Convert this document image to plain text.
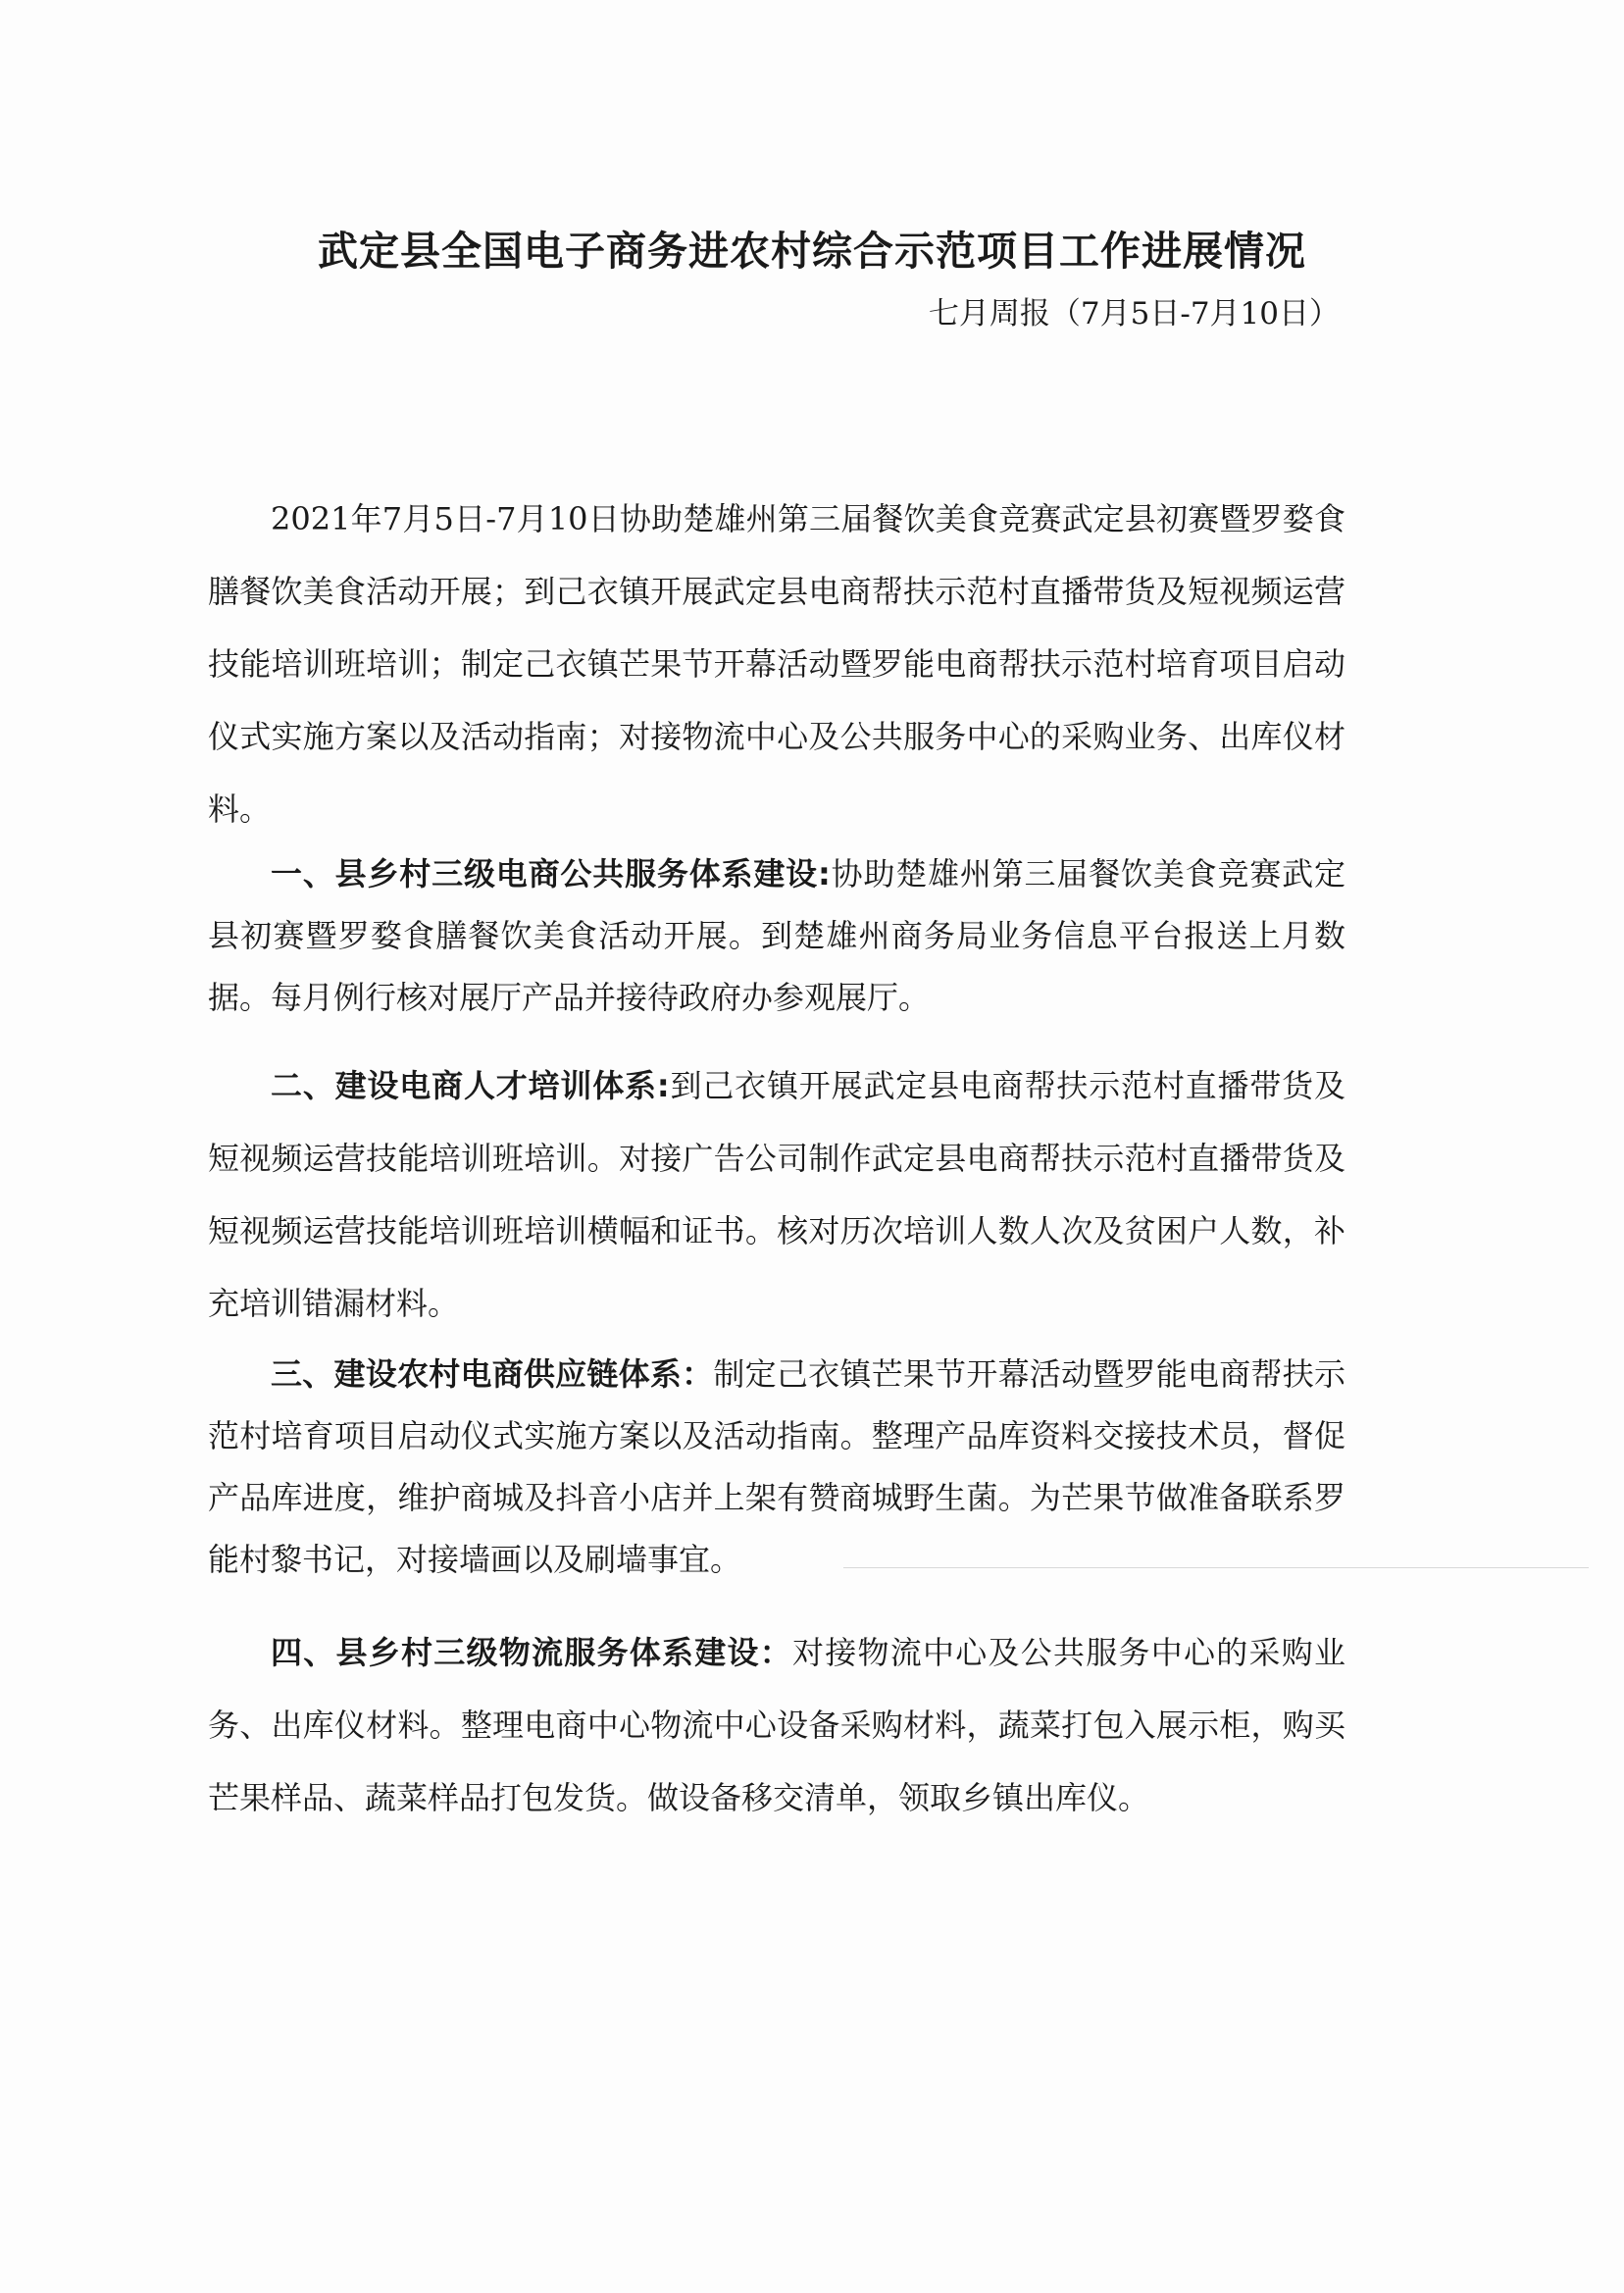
武定县全国电子商务进农村综合示范项目工作进展情况

七月周报（7月5日-7月10日）

2021年7月5日-7月10日协助楚雄州第三届餐饮美食竞赛武定县初赛暨罗婺食膳餐饮美食活动开展；到己衣镇开展武定县电商帮扶示范村直播带货及短视频运营技能培训班培训；制定己衣镇芒果节开幕活动暨罗能电商帮扶示范村培育项目启动仪式实施方案以及活动指南；对接物流中心及公共服务中心的采购业务、出库仪材料。

一、县乡村三级电商公共服务体系建设:协助楚雄州第三届餐饮美食竞赛武定县初赛暨罗婺食膳餐饮美食活动开展。到楚雄州商务局业务信息平台报送上月数据。每月例行核对展厅产品并接待政府办参观展厅。

二、建设电商人才培训体系:到己衣镇开展武定县电商帮扶示范村直播带货及短视频运营技能培训班培训。对接广告公司制作武定县电商帮扶示范村直播带货及短视频运营技能培训班培训横幅和证书。核对历次培训人数人次及贫困户人数，补充培训错漏材料。

三、建设农村电商供应链体系：制定己衣镇芒果节开幕活动暨罗能电商帮扶示范村培育项目启动仪式实施方案以及活动指南。整理产品库资料交接技术员，督促产品库进度，维护商城及抖音小店并上架有赞商城野生菌。为芒果节做准备联系罗能村黎书记，对接墙画以及刷墙事宜。

四、县乡村三级物流服务体系建设：对接物流中心及公共服务中心的采购业务、出库仪材料。整理电商中心物流中心设备采购材料，蔬菜打包入展示柜，购买芒果样品、蔬菜样品打包发货。做设备移交清单，领取乡镇出库仪。
